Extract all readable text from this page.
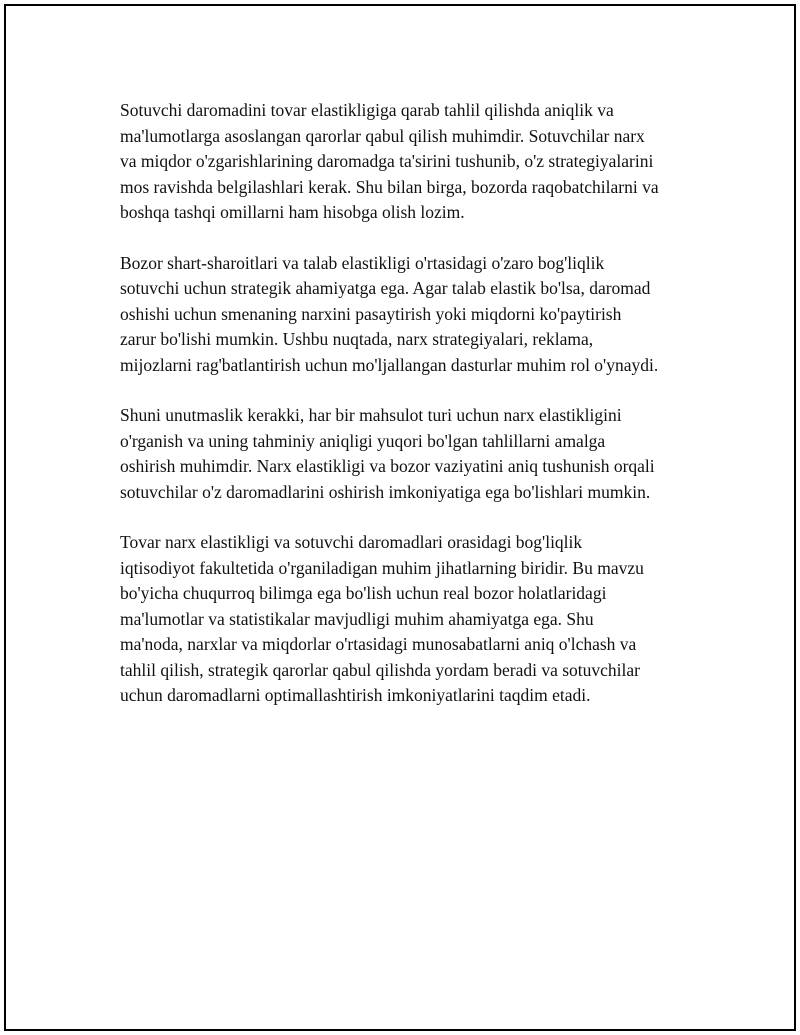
Sotuvchi daromadini tovar elastikligiga qarab tahlil qilishda aniqlik va
ma'lumotlarga asoslangan qarorlar qabul qilish muhimdir. Sotuvchilar narx
va miqdor o'zgarishlarining daromadga ta'sirini tushunib, o'z strategiyalarini
mos ravishda belgilashlari kerak. Shu bilan birga, bozorda raqobatchilarni va
boshqa tashqi omillarni ham hisobga olish lozim.
Bozor shart-sharoitlari va talab elastikligi o'rtasidagi o'zaro bog'liqlik
sotuvchi uchun strategik ahamiyatga ega. Agar talab elastik bo'lsa, daromad
oshishi uchun smenaning narxini pasaytirish yoki miqdorni ko'paytirish
zarur bo'lishi mumkin. Ushbu nuqtada, narx strategiyalari, reklama,
mijozlarni rag'batlantirish uchun mo'ljallangan dasturlar muhim rol o'ynaydi.
Shuni unutmaslik kerakki, har bir mahsulot turi uchun narx elastikligini
o'rganish va uning tahminiy aniqligi yuqori bo'lgan tahlillarni amalga
oshirish muhimdir. Narx elastikligi va bozor vaziyatini aniq tushunish orqali
sotuvchilar o'z daromadlarini oshirish imkoniyatiga ega bo'lishlari mumkin.
Tovar narx elastikligi va sotuvchi daromadlari orasidagi bog'liqlik
iqtisodiyot fakultetida o'rganiladigan muhim jihatlarning biridir. Bu mavzu
bo'yicha chuqurroq bilimga ega bo'lish uchun real bozor holatlaridagi
ma'lumotlar va statistikalar mavjudligi muhim ahamiyatga ega. Shu
ma'noda, narxlar va miqdorlar o'rtasidagi munosabatlarni aniq o'lchash va
tahlil qilish, strategik qarorlar qabul qilishda yordam beradi va sotuvchilar
uchun daromadlarni optimallashtirish imkoniyatlarini taqdim etadi.
